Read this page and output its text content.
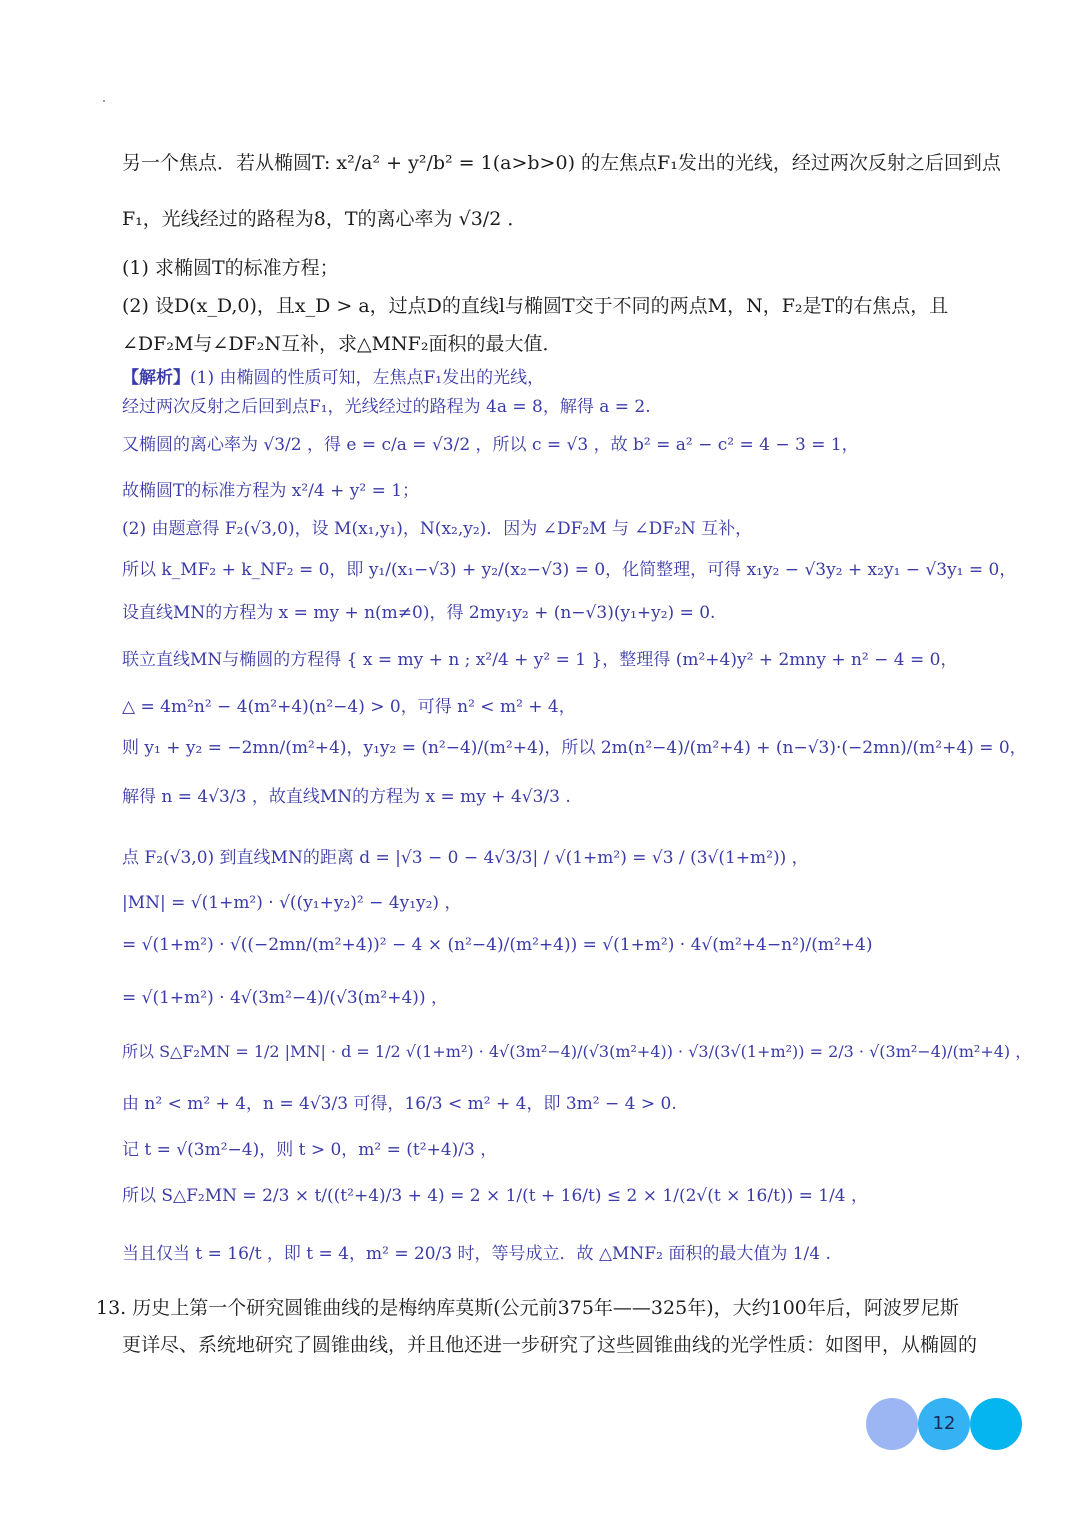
另一个焦点．若从椭圆T: x²/a² + y²/b² = 1(a>b>0) 的左焦点F₁发出的光线，经过两次反射之后回到点
F₁，光线经过的路程为8，T的离心率为 √3/2 ．
(1) 求椭圆T的标准方程；
(2) 设D(x_D,0)，且x_D > a，过点D的直线l与椭圆T交于不同的两点M，N，F₂是T的右焦点，且
∠DF₂M与∠DF₂N互补，求△MNF₂面积的最大值．
【解析】(1) 由椭圆的性质可知，左焦点F₁发出的光线，
经过两次反射之后回到点F₁，光线经过的路程为 4a = 8，解得 a = 2.
又椭圆的离心率为 √3/2 ，得 e = c/a = √3/2 ，所以 c = √3 ，故 b² = a² − c² = 4 − 3 = 1，
故椭圆T的标准方程为 x²/4 + y² = 1；
(2) 由题意得 F₂(√3,0)，设 M(x₁,y₁)，N(x₂,y₂)．因为 ∠DF₂M 与 ∠DF₂N 互补，
所以 k_MF₂ + k_NF₂ = 0，即 y₁/(x₁−√3) + y₂/(x₂−√3) = 0，化简整理，可得 x₁y₂ − √3y₂ + x₂y₁ − √3y₁ = 0，
设直线MN的方程为 x = my + n(m≠0)，得 2my₁y₂ + (n−√3)(y₁+y₂) = 0.
联立直线MN与椭圆的方程得 { x = my + n ; x²/4 + y² = 1 }，整理得 (m²+4)y² + 2mny + n² − 4 = 0，
△ = 4m²n² − 4(m²+4)(n²−4) > 0，可得 n² < m² + 4，
则 y₁ + y₂ = −2mn/(m²+4)，y₁y₂ = (n²−4)/(m²+4)，所以 2m(n²−4)/(m²+4) + (n−√3)·(−2mn)/(m²+4) = 0，
解得 n = 4√3/3 ，故直线MN的方程为 x = my + 4√3/3 .
点 F₂(√3,0) 到直线MN的距离 d = |√3 − 0 − 4√3/3| / √(1+m²) = √3 / (3√(1+m²)) ，
|MN| = √(1+m²) · √((y₁+y₂)² − 4y₁y₂) ，
= √(1+m²) · √((−2mn/(m²+4))² − 4 × (n²−4)/(m²+4)) = √(1+m²) · 4√(m²+4−n²)/(m²+4)
= √(1+m²) · 4√(3m²−4)/(√3(m²+4)) ，
所以 S△F₂MN = 1/2 |MN| · d = 1/2 √(1+m²) · 4√(3m²−4)/(√3(m²+4)) · √3/(3√(1+m²)) = 2/3 · √(3m²−4)/(m²+4) ，
由 n² < m² + 4，n = 4√3/3 可得，16/3 < m² + 4，即 3m² − 4 > 0.
记 t = √(3m²−4)，则 t > 0，m² = (t²+4)/3 ，
所以 S△F₂MN = 2/3 × t/((t²+4)/3 + 4) = 2 × 1/(t + 16/t) ≤ 2 × 1/(2√(t × 16/t)) = 1/4 ，
当且仅当 t = 16/t ，即 t = 4，m² = 20/3 时，等号成立．故 △MNF₂ 面积的最大值为 1/4 .
13. 历史上第一个研究圆锥曲线的是梅纳库莫斯(公元前375年——325年)，大约100年后，阿波罗尼斯
更详尽、系统地研究了圆锥曲线，并且他还进一步研究了这些圆锥曲线的光学性质：如图甲，从椭圆的
12
